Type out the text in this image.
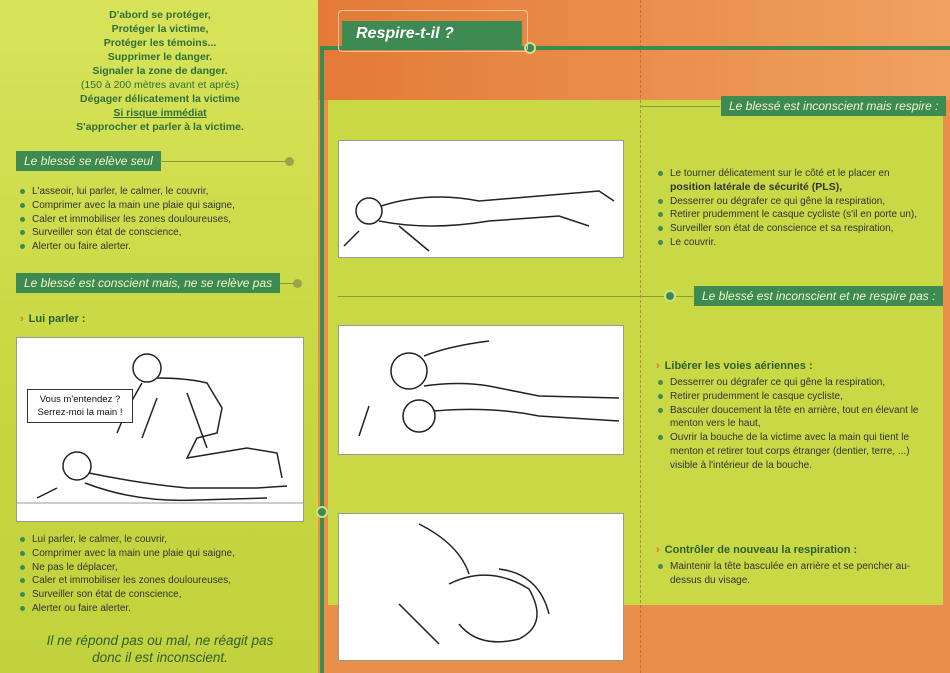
D'abord se protéger,
Protéger la victime,
Protéger les témoins...
Supprimer le danger.
Signaler la zone de danger.
(150 à 200 mètres avant et après)
Dégager délicatement la victime
Si risque immédiat
S'approcher et parler à la victime.
Le blessé se relève seul
L'asseoir, lui parler, le calmer, le couvrir,
Comprimer avec la main une plaie qui saigne,
Caler et immobiliser les zones douloureuses,
Surveiller son état de conscience,
Alerter ou faire alerter.
Le blessé est conscient mais, ne se relève pas
› Lui parler :
Vous m'entendez ?
Serrez-moi la main !
Lui parler, le calmer, le couvrir,
Comprimer avec la main une plaie qui saigne,
Ne pas le déplacer,
Caler et immobiliser les zones douloureuses,
Surveiller son état de conscience,
Alerter ou faire alerter.
Il ne répond pas ou mal, ne réagit pas
donc il est inconscient.
Respire-t-il ?
Le blessé est inconscient mais respire :
Le tourner délicatement sur le côté et le placer en
position latérale de sécurité (PLS),
Desserrer ou dégrafer ce qui gêne la respiration,
Retirer prudemment le casque cycliste (s'il en porte un),
Surveiller son état de conscience et sa respiration,
Le couvrir.
Le blessé est inconscient et ne respire pas :
› Libérer les voies aériennes :
Desserrer ou dégrafer ce qui gêne la respiration,
Retirer prudemment le casque cycliste,
Basculer doucement la tête en arrière, tout en élevant le
menton vers le haut,
Ouvrir la bouche de la victime avec la main qui tient le
menton et retirer tout corps étranger (dentier, terre, ...)
visible à l'intérieur de la bouche.
› Contrôler de nouveau la respiration :
Maintenir la tête basculée en arrière et se pencher au-
dessus du visage.
